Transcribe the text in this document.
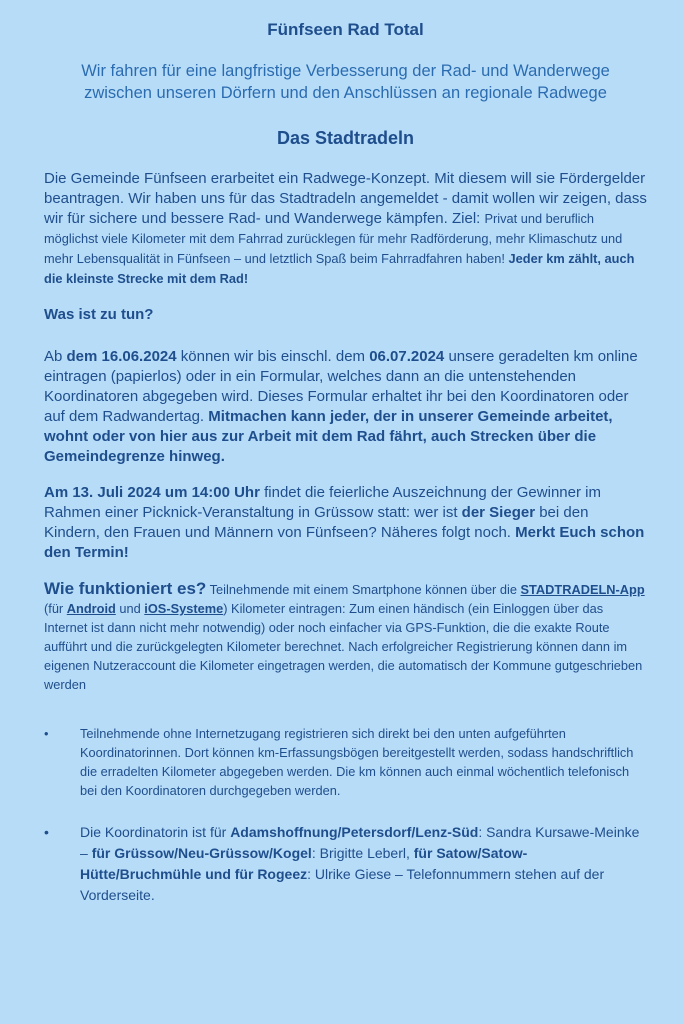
Fünfseen Rad Total

Wir fahren für eine langfristige Verbesserung der Rad- und Wanderwege zwischen unseren Dörfern und den Anschlüssen an regionale Radwege

Das Stadtradeln

Die Gemeinde Fünfseen erarbeitet ein Radwege-Konzept. Mit diesem will sie Fördergelder beantragen. Wir haben uns für das Stadtradeln angemeldet - damit wollen wir zeigen, dass wir für sichere und bessere Rad- und Wanderwege kämpfen. Ziel: Privat und beruflich möglichst viele Kilometer mit dem Fahrrad zurücklegen für mehr Radförderung, mehr Klimaschutz und mehr Lebensqualität in Fünfseen – und letztlich Spaß beim Fahrradfahren haben! Jeder km zählt, auch die kleinste Strecke mit dem Rad!

Was ist zu tun?

Ab dem 16.06.2024 können wir bis einschl. dem 06.07.2024 unsere geradelten km online eintragen (papierlos) oder in ein Formular, welches dann an die untenstehenden Koordinatoren abgegeben wird. Dieses Formular erhaltet ihr bei den Koordinatoren oder auf dem Radwandertag. Mitmachen kann jeder, der in unserer Gemeinde arbeitet, wohnt oder von hier aus zur Arbeit mit dem Rad fährt, auch Strecken über die Gemeindegrenze hinweg.

Am 13. Juli 2024 um 14:00 Uhr findet die feierliche Auszeichnung der Gewinner im Rahmen einer Picknick-Veranstaltung in Grüssow statt: wer ist der Sieger bei den Kindern, den Frauen und Männern von Fünfseen? Näheres folgt noch. Merkt Euch schon den Termin!

Wie funktioniert es? Teilnehmende mit einem Smartphone können über die STADTRADELN-App (für Android und iOS-Systeme) Kilometer eintragen: Zum einen händisch (ein Einloggen über das Internet ist dann nicht mehr notwendig) oder noch einfacher via GPS-Funktion, die die exakte Route aufführt und die zurückgelegten Kilometer berechnet. Nach erfolgreicher Registrierung können dann im eigenen Nutzeraccount die Kilometer eingetragen werden, die automatisch der Kommune gutgeschrieben werden

• Teilnehmende ohne Internetzugang registrieren sich direkt bei den unten aufgeführten Koordinatorinnen. Dort können km-Erfassungsbögen bereitgestellt werden, sodass handschriftlich die erradelten Kilometer abgegeben werden. Die km können auch einmal wöchentlich telefonisch bei den Koordinatoren durchgegeben werden.
• Die Koordinatorin ist für Adamshoffnung/Petersdorf/Lenz-Süd: Sandra Kursawe-Meinke – für Grüssow/Neu-Grüssow/Kogel: Brigitte Leberl, für Satow/Satow-Hütte/Bruchmühle und für Rogeez: Ulrike Giese – Telefonnummern stehen auf der Vorderseite.
